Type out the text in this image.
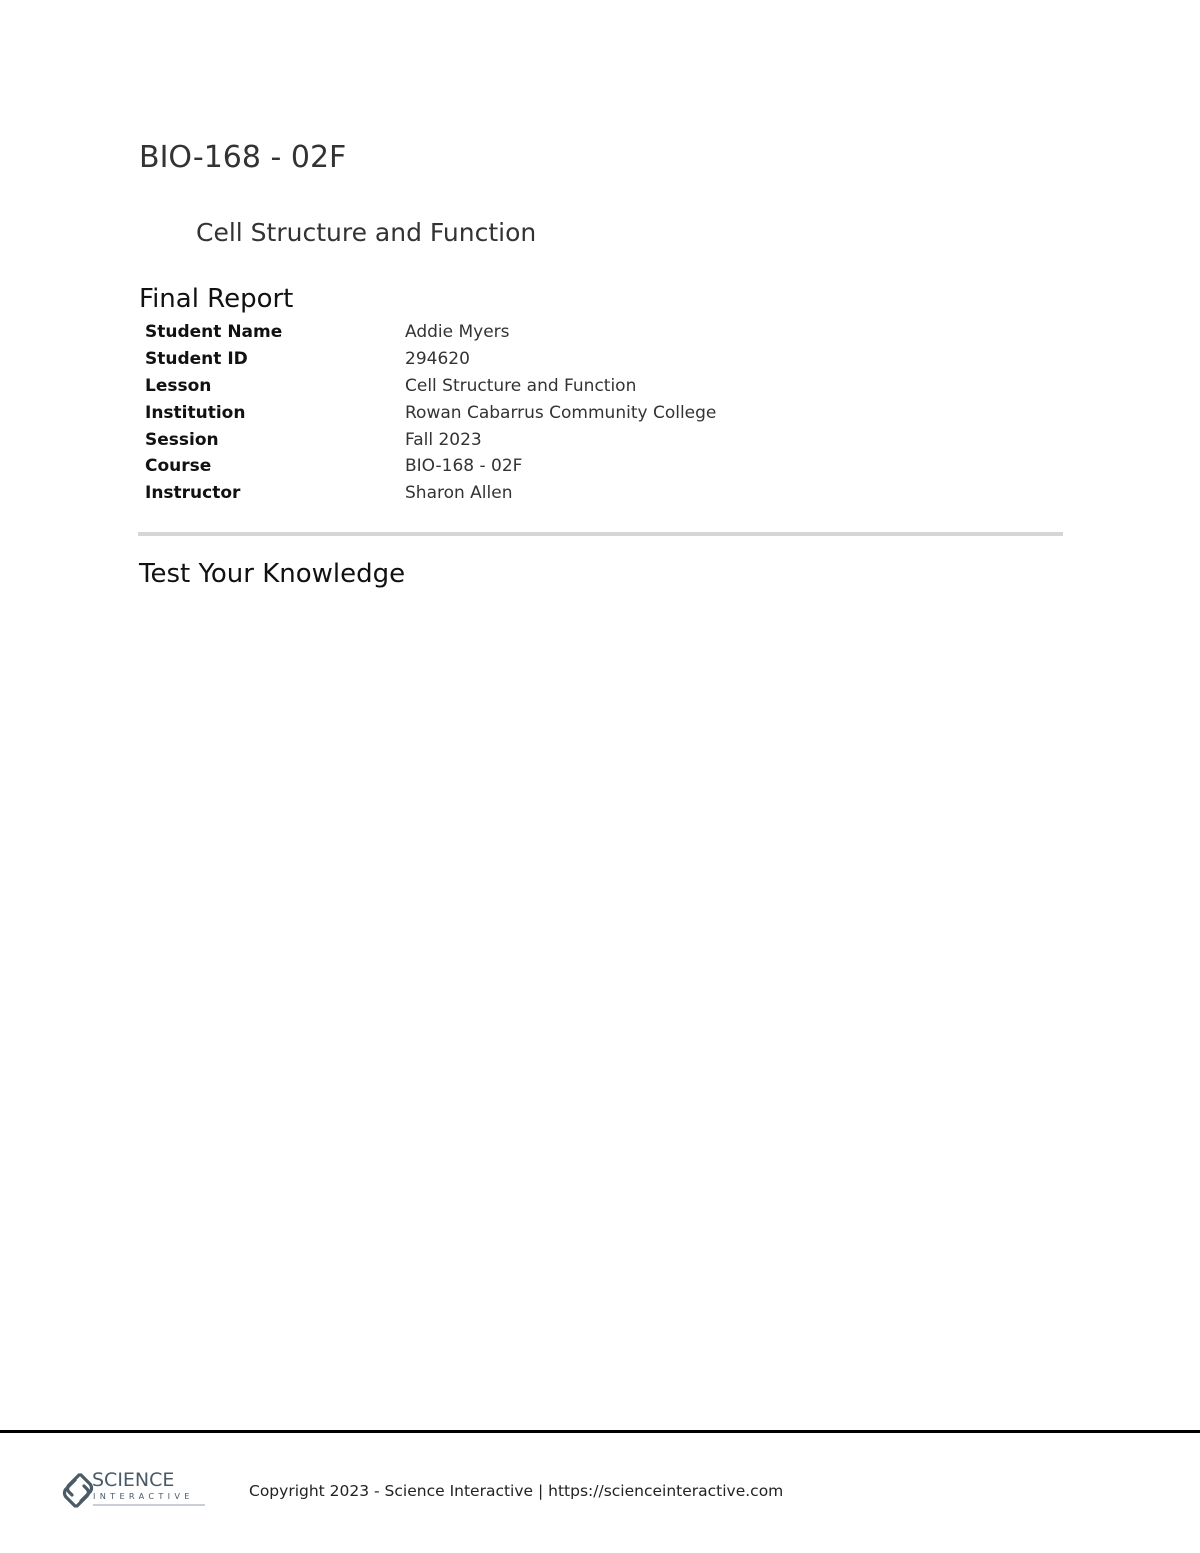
BIO-168 - 02F
Cell Structure and Function
Final Report
Student Name	Addie Myers
Student ID	294620
Lesson	Cell Structure and Function
Institution	Rowan Cabarrus Community College
Session	Fall 2023
Course	BIO-168 - 02F
Instructor	Sharon Allen
Test Your Knowledge
SCIENCE
INTERACTIVE	Copyright 2023 - Science Interactive | https://scienceinteractive.com
